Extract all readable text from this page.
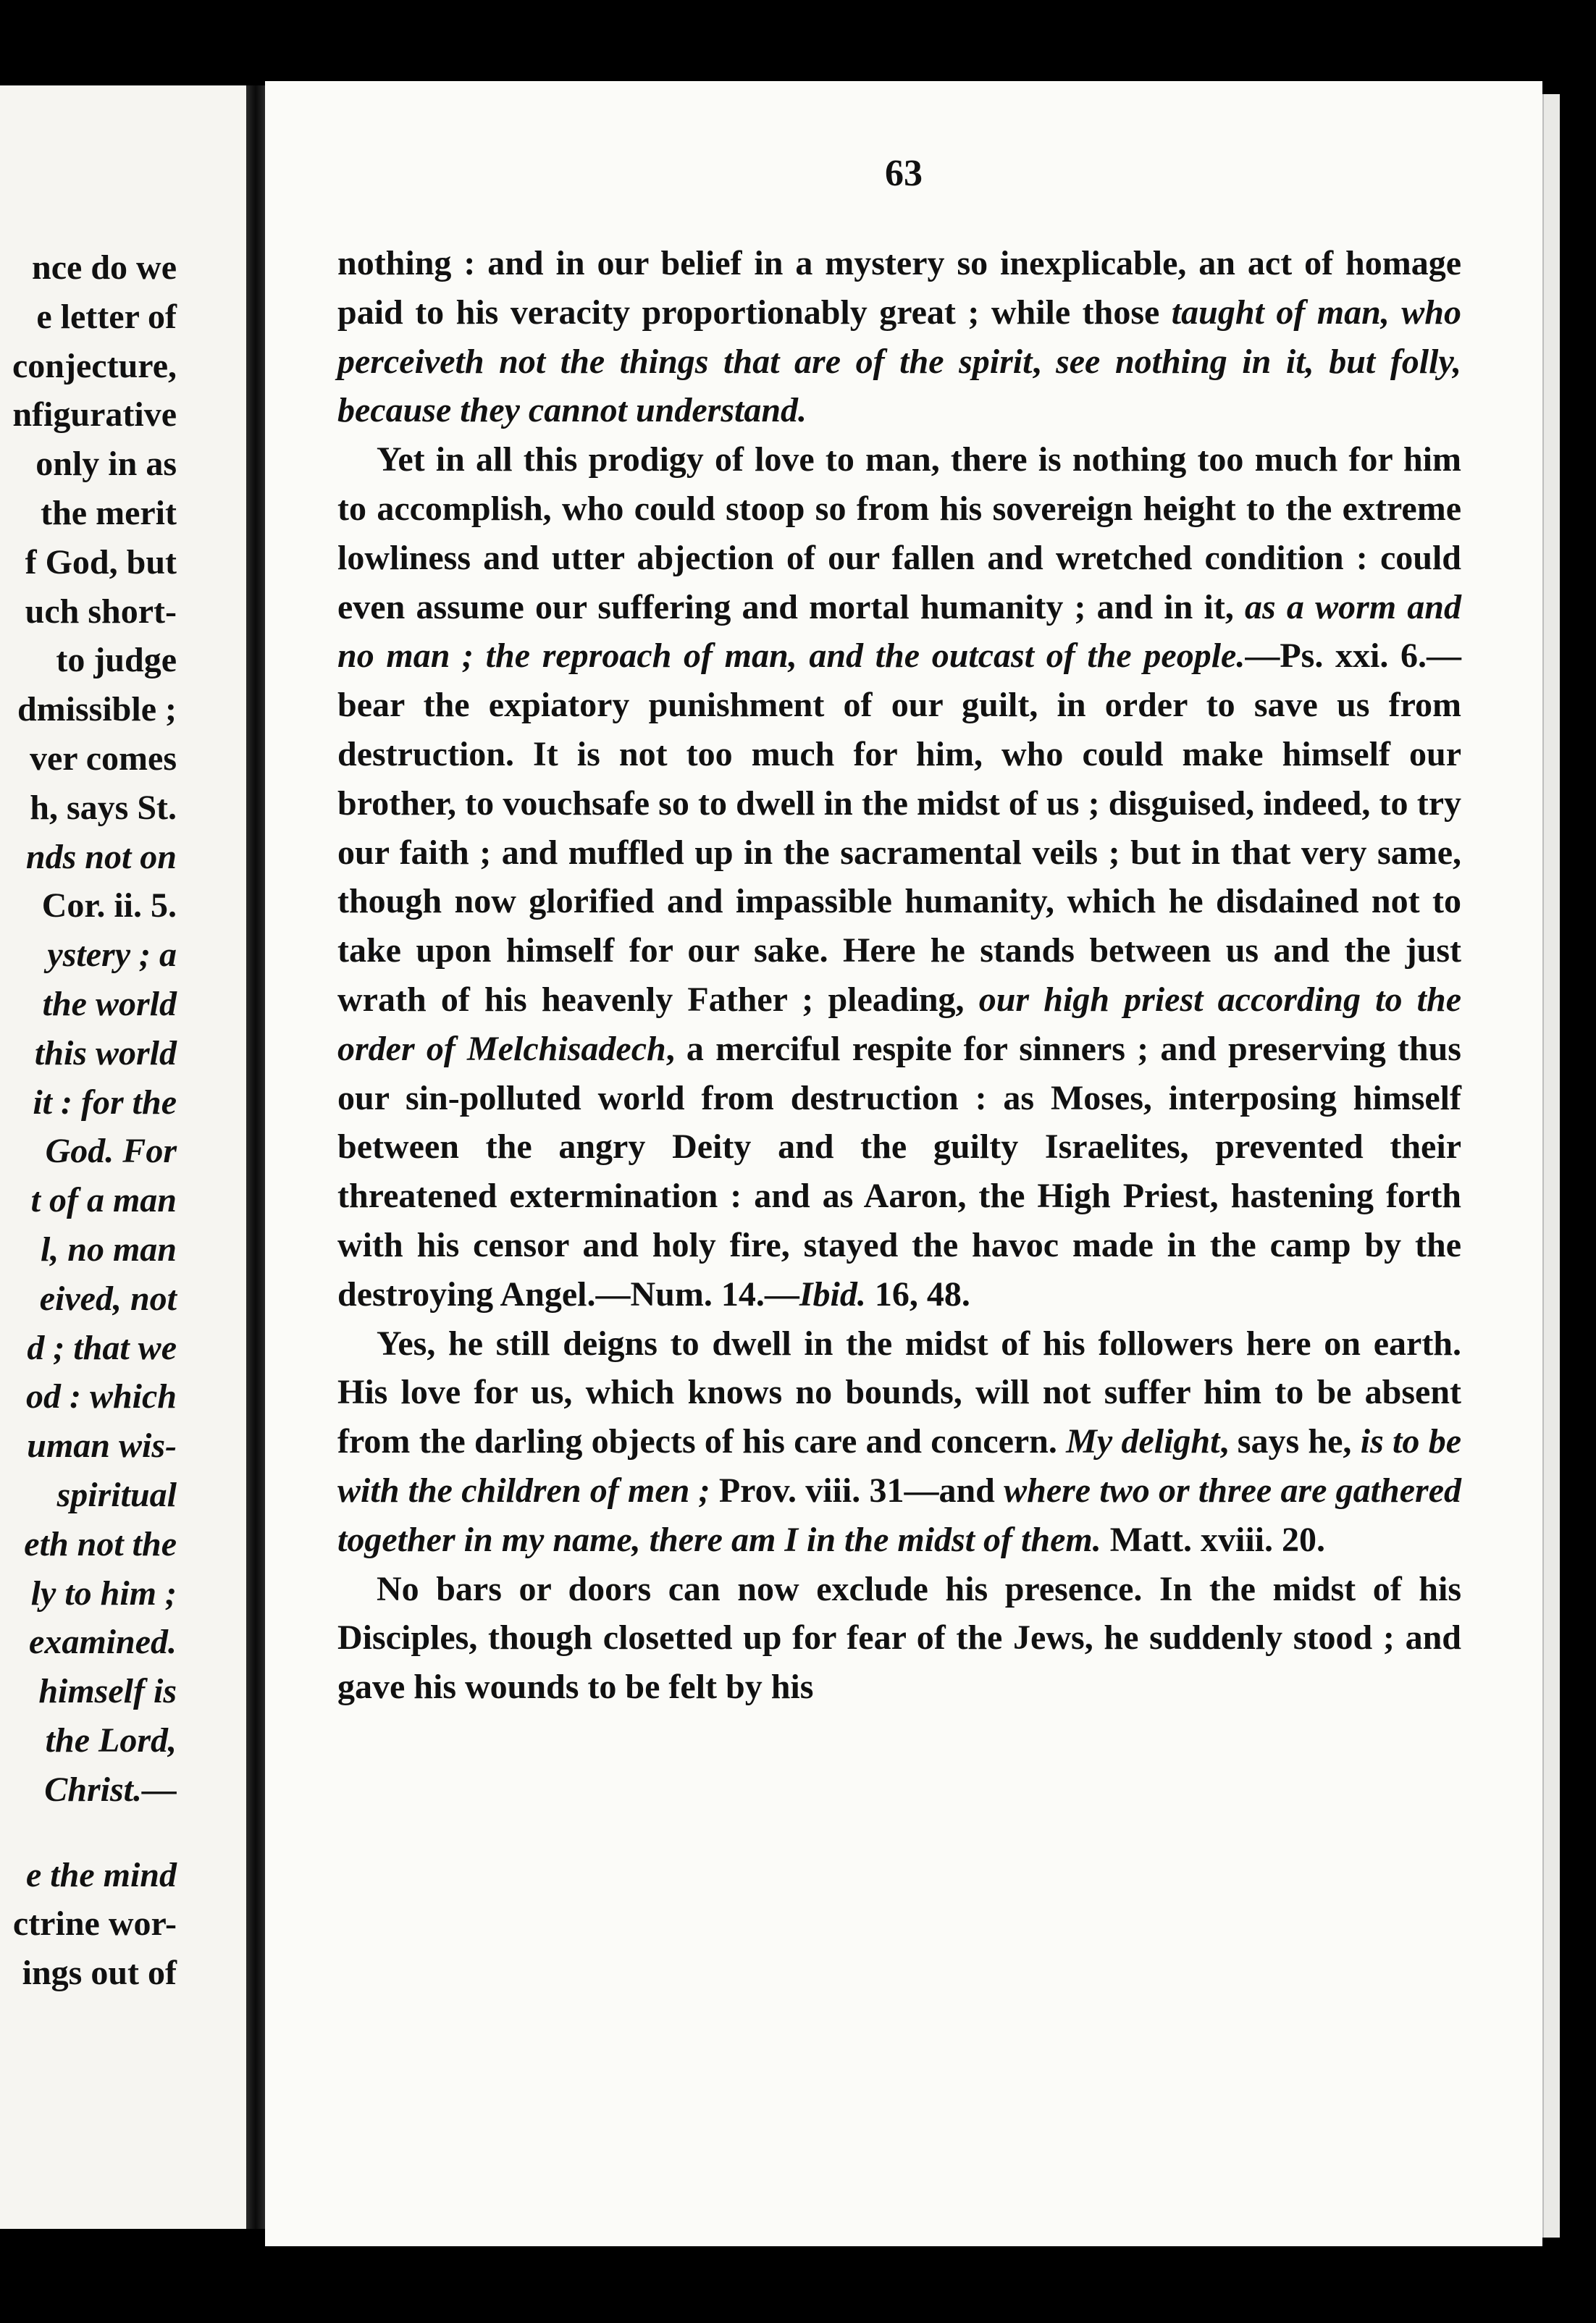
nce do we
e letter of
conjecture,
nfigurative
only in as
the merit
f God, but
uch short-
to judge
dmissible ;
ver comes
h, says St.
nds not on
Cor. ii. 5.
ystery ; a
the world
this world
it : for the
God. For
t of a man
l, no man
eived, not
d ; that we
od : which
uman wis-
spiritual
eth not the
ly to him ;
examined.
himself is
the Lord,
Christ.—
e the mind
ctrine wor-
ings out of
63

nothing : and in our belief in a mystery so inexplicable, an act of homage paid to his veracity proportionably great ; while those taught of man, who perceiveth not the things that are of the spirit, see nothing in it, but folly, because they cannot understand.

Yet in all this prodigy of love to man, there is nothing too much for him to accomplish, who could stoop so from his sovereign height to the extreme lowliness and utter abjection of our fallen and wretched condition : could even assume our suffering and mortal humanity ; and in it, as a worm and no man ; the reproach of man, and the outcast of the people.—Ps. xxi. 6.—bear the expiatory punishment of our guilt, in order to save us from destruction. It is not too much for him, who could make himself our brother, to vouchsafe so to dwell in the midst of us ; disguised, indeed, to try our faith ; and muffled up in the sacramental veils ; but in that very same, though now glorified and impassible humanity, which he disdained not to take upon himself for our sake. Here he stands between us and the just wrath of his heavenly Father ; pleading, our high priest according to the order of Melchisadech, a merciful respite for sinners ; and preserving thus our sin-polluted world from destruction : as Moses, interposing himself between the angry Deity and the guilty Israelites, prevented their threatened extermination : and as Aaron, the High Priest, hastening forth with his censor and holy fire, stayed the havoc made in the camp by the destroying Angel.—Num. 14.—Ibid. 16, 48.

Yes, he still deigns to dwell in the midst of his followers here on earth. His love for us, which knows no bounds, will not suffer him to be absent from the darling objects of his care and concern. My delight, says he, is to be with the children of men ; Prov. viii. 31—and where two or three are gathered together in my name, there am I in the midst of them. Matt. xviii. 20.

No bars or doors can now exclude his presence. In the midst of his Disciples, though closetted up for fear of the Jews, he suddenly stood ; and gave his wounds to be felt by his
